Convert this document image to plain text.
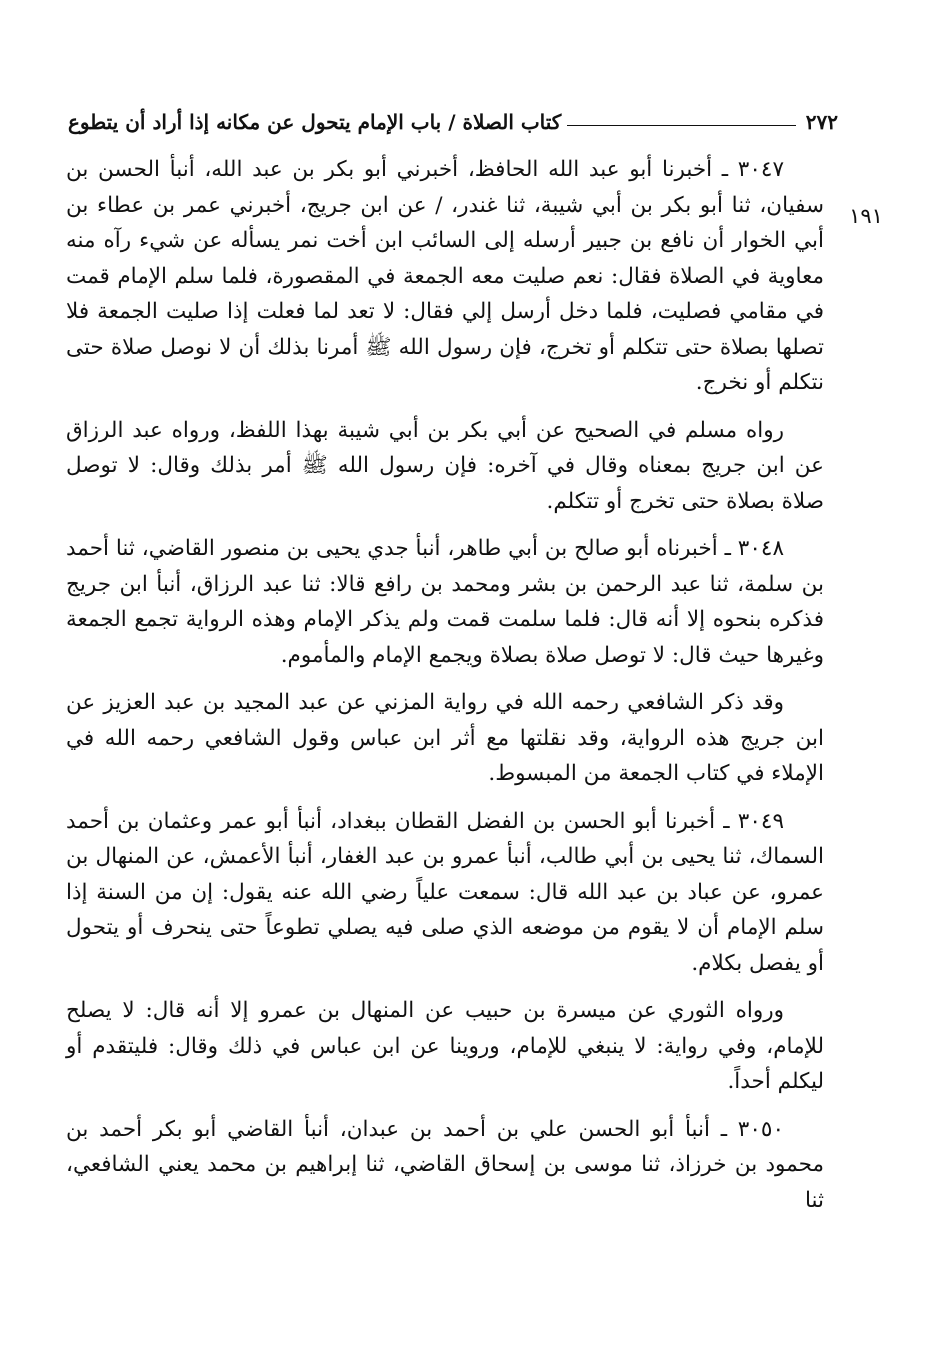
٢٧٢
كتاب الصلاة / باب الإمام يتحول عن مكانه إذا أراد أن يتطوع
١٩١

٣٠٤٧ ـ أخبرنا أبو عبد الله الحافظ، أخبرني أبو بكر بن عبد الله، أنبأ الحسن بن سفيان، ثنا أبو بكر بن أبي شيبة، ثنا غندر، / عن ابن جريج، أخبرني عمر بن عطاء بن أبي الخوار أن نافع بن جبير أرسله إلى السائب ابن أخت نمر يسأله عن شيء رآه منه معاوية في الصلاة فقال: نعم صليت معه الجمعة في المقصورة، فلما سلم الإمام قمت في مقامي فصليت، فلما دخل أرسل إلي فقال: لا تعد لما فعلت إذا صليت الجمعة فلا تصلها بصلاة حتى تتكلم أو تخرج، فإن رسول الله ﷺ أمرنا بذلك أن لا نوصل صلاة حتى نتكلم أو نخرج.

رواه مسلم في الصحيح عن أبي بكر بن أبي شيبة بهذا اللفظ، ورواه عبد الرزاق عن ابن جريج بمعناه وقال في آخره: فإن رسول الله ﷺ أمر بذلك وقال: لا توصل صلاة بصلاة حتى تخرج أو تتكلم.

٣٠٤٨ ـ أخبرناه أبو صالح بن أبي طاهر، أنبأ جدي يحيى بن منصور القاضي، ثنا أحمد بن سلمة، ثنا عبد الرحمن بن بشر ومحمد بن رافع قالا: ثنا عبد الرزاق، أنبأ ابن جريج فذكره بنحوه إلا أنه قال: فلما سلمت قمت ولم يذكر الإمام وهذه الرواية تجمع الجمعة وغيرها حيث قال: لا توصل صلاة بصلاة ويجمع الإمام والمأموم.

وقد ذكر الشافعي رحمه الله في رواية المزني عن عبد المجيد بن عبد العزيز عن ابن جريج هذه الرواية، وقد نقلتها مع أثر ابن عباس وقول الشافعي رحمه الله في الإملاء في كتاب الجمعة من المبسوط.

٣٠٤٩ ـ أخبرنا أبو الحسن بن الفضل القطان ببغداد، أنبأ أبو عمر وعثمان بن أحمد السماك، ثنا يحيى بن أبي طالب، أنبأ عمرو بن عبد الغفار، أنبأ الأعمش، عن المنهال بن عمرو، عن عباد بن عبد الله قال: سمعت علياً رضي الله عنه يقول: إن من السنة إذا سلم الإمام أن لا يقوم من موضعه الذي صلى فيه يصلي تطوعاً حتى ينحرف أو يتحول أو يفصل بكلام.

ورواه الثوري عن ميسرة بن حبيب عن المنهال بن عمرو إلا أنه قال: لا يصلح للإمام، وفي رواية: لا ينبغي للإمام، وروينا عن ابن عباس في ذلك وقال: فليتقدم أو ليكلم أحداً.

٣٠٥٠ ـ أنبأ أبو الحسن علي بن أحمد بن عبدان، أنبأ القاضي أبو بكر أحمد بن محمود بن خرزاذ، ثنا موسى بن إسحاق القاضي، ثنا إبراهيم بن محمد يعني الشافعي، ثنا
